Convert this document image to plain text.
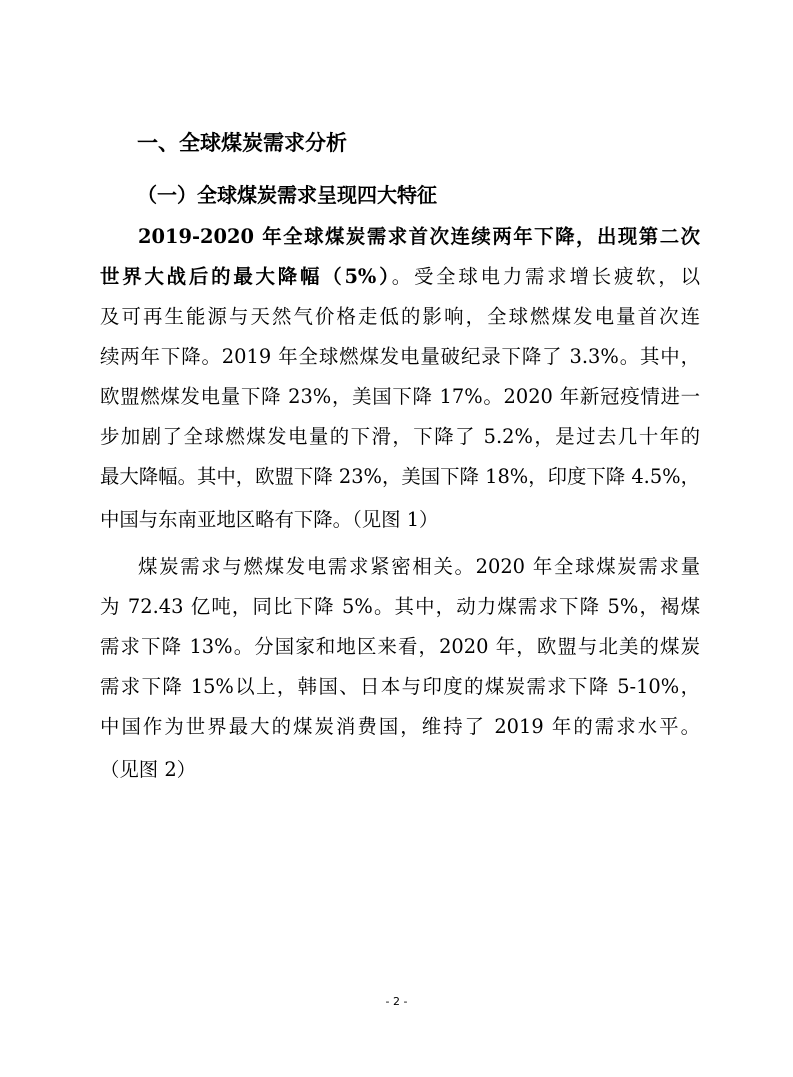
一、全球煤炭需求分析
（一）全球煤炭需求呈现四大特征
2019-2020 年全球煤炭需求首次连续两年下降，出现第二次
世界大战后的最大降幅（5%）。受全球电力需求增长疲软，以
及可再生能源与天然气价格走低的影响，全球燃煤发电量首次连
续两年下降。2019 年全球燃煤发电量破纪录下降了 3.3%。其中，
欧盟燃煤发电量下降 23%，美国下降 17%。2020 年新冠疫情进一
步加剧了全球燃煤发电量的下滑，下降了 5.2%，是过去几十年的
最大降幅。其中，欧盟下降 23%，美国下降 18%，印度下降 4.5%，
中国与东南亚地区略有下降。（见图 1）
煤炭需求与燃煤发电需求紧密相关。2020 年全球煤炭需求量
为 72.43 亿吨，同比下降 5%。其中，动力煤需求下降 5%，褐煤
需求下降 13%。分国家和地区来看，2020 年，欧盟与北美的煤炭
需求下降 15%以上，韩国、日本与印度的煤炭需求下降 5-10%，
中国作为世界最大的煤炭消费国，维持了 2019 年的需求水平。
（见图 2）
- 2 -
